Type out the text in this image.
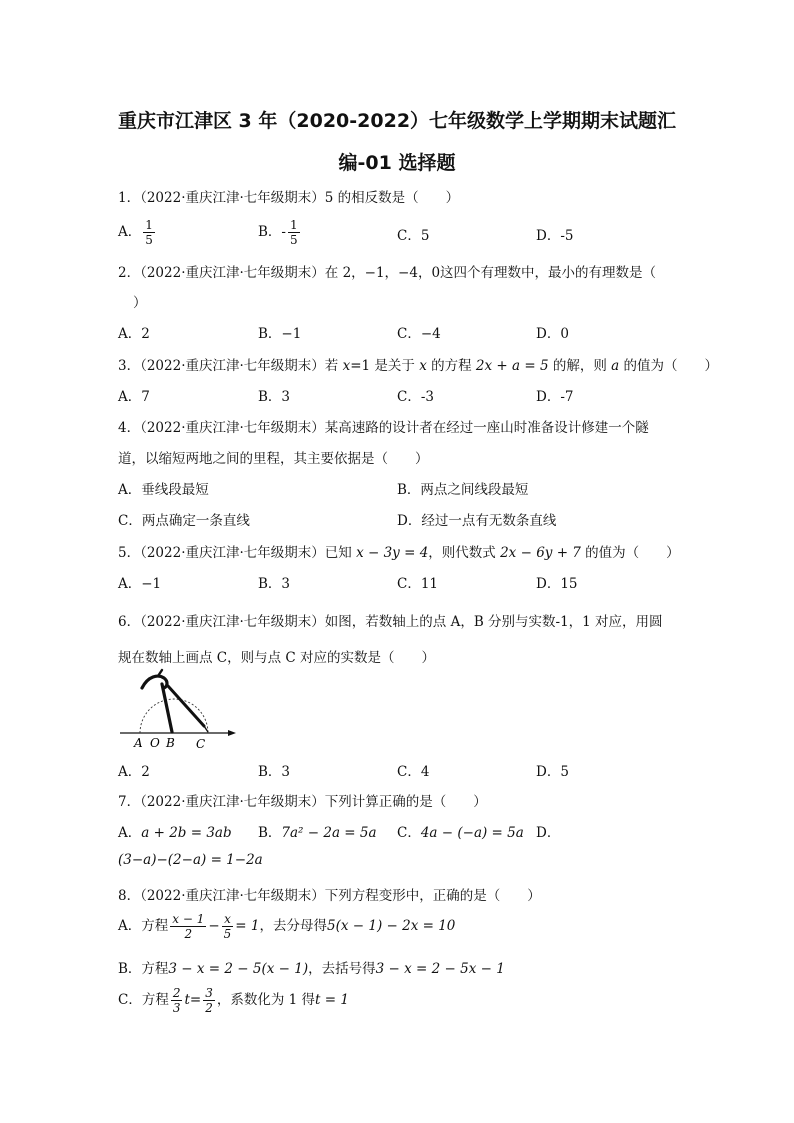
重庆市江津区 3 年（2020-2022）七年级数学上学期期末试题汇
编-01 选择题
1．（2022·重庆江津·七年级期末）5 的相反数是（　　）
A． $\frac{1}{5}$	B．- $\frac{1}{5}$	C．5	D．-5
2．（2022·重庆江津·七年级期末）在 2，−1，−4，0这四个有理数中，最小的有理数是（
）
A．2	B．−1	C．−4	D．0
3．（2022·重庆江津·七年级期末）若 x=1 是关于 x 的方程 2x + a = 5 的解，则 a 的值为（　　）
A．7	B．3	C．-3	D．-7
4．（2022·重庆江津·七年级期末）某高速路的设计者在经过一座山时准备设计修建一个隧
道，以缩短两地之间的里程，其主要依据是（　　）
A．垂线段最短	B．两点之间线段最短
C．两点确定一条直线	D．经过一点有无数条直线
5．（2022·重庆江津·七年级期末）已知 x − 3y = 4，则代数式 2x − 6y + 7 的值为（　　）
A．−1	B．3	C．11	D．15
6．（2022·重庆江津·七年级期末）如图，若数轴上的点 A，B 分别与实数-1，1 对应，用圆
规在数轴上画点 C，则与点 C 对应的实数是（　　）
A O B C
A．2	B．3	C．4	D．5
7．（2022·重庆江津·七年级期末）下列计算正确的是（　　）
A．a + 2b = 3ab B．7a² − 2a = 5a C．4a − (−a) = 5a D．
(3−a)−(2−a) = 1−2a
8．（2022·重庆江津·七年级期末）下列方程变形中，正确的是（　　）
A．方程 $\frac{x - 1}{2} - \frac{x}{5} = 1$，去分母得5(x − 1) − 2x = 10
B．方程3 − x = 2 − 5(x − 1)，去括号得3 − x = 2 − 5x − 1
C．方程 $\frac{2}{3} t= \frac{3}{2}$ ，系数化为 1 得t = 1
